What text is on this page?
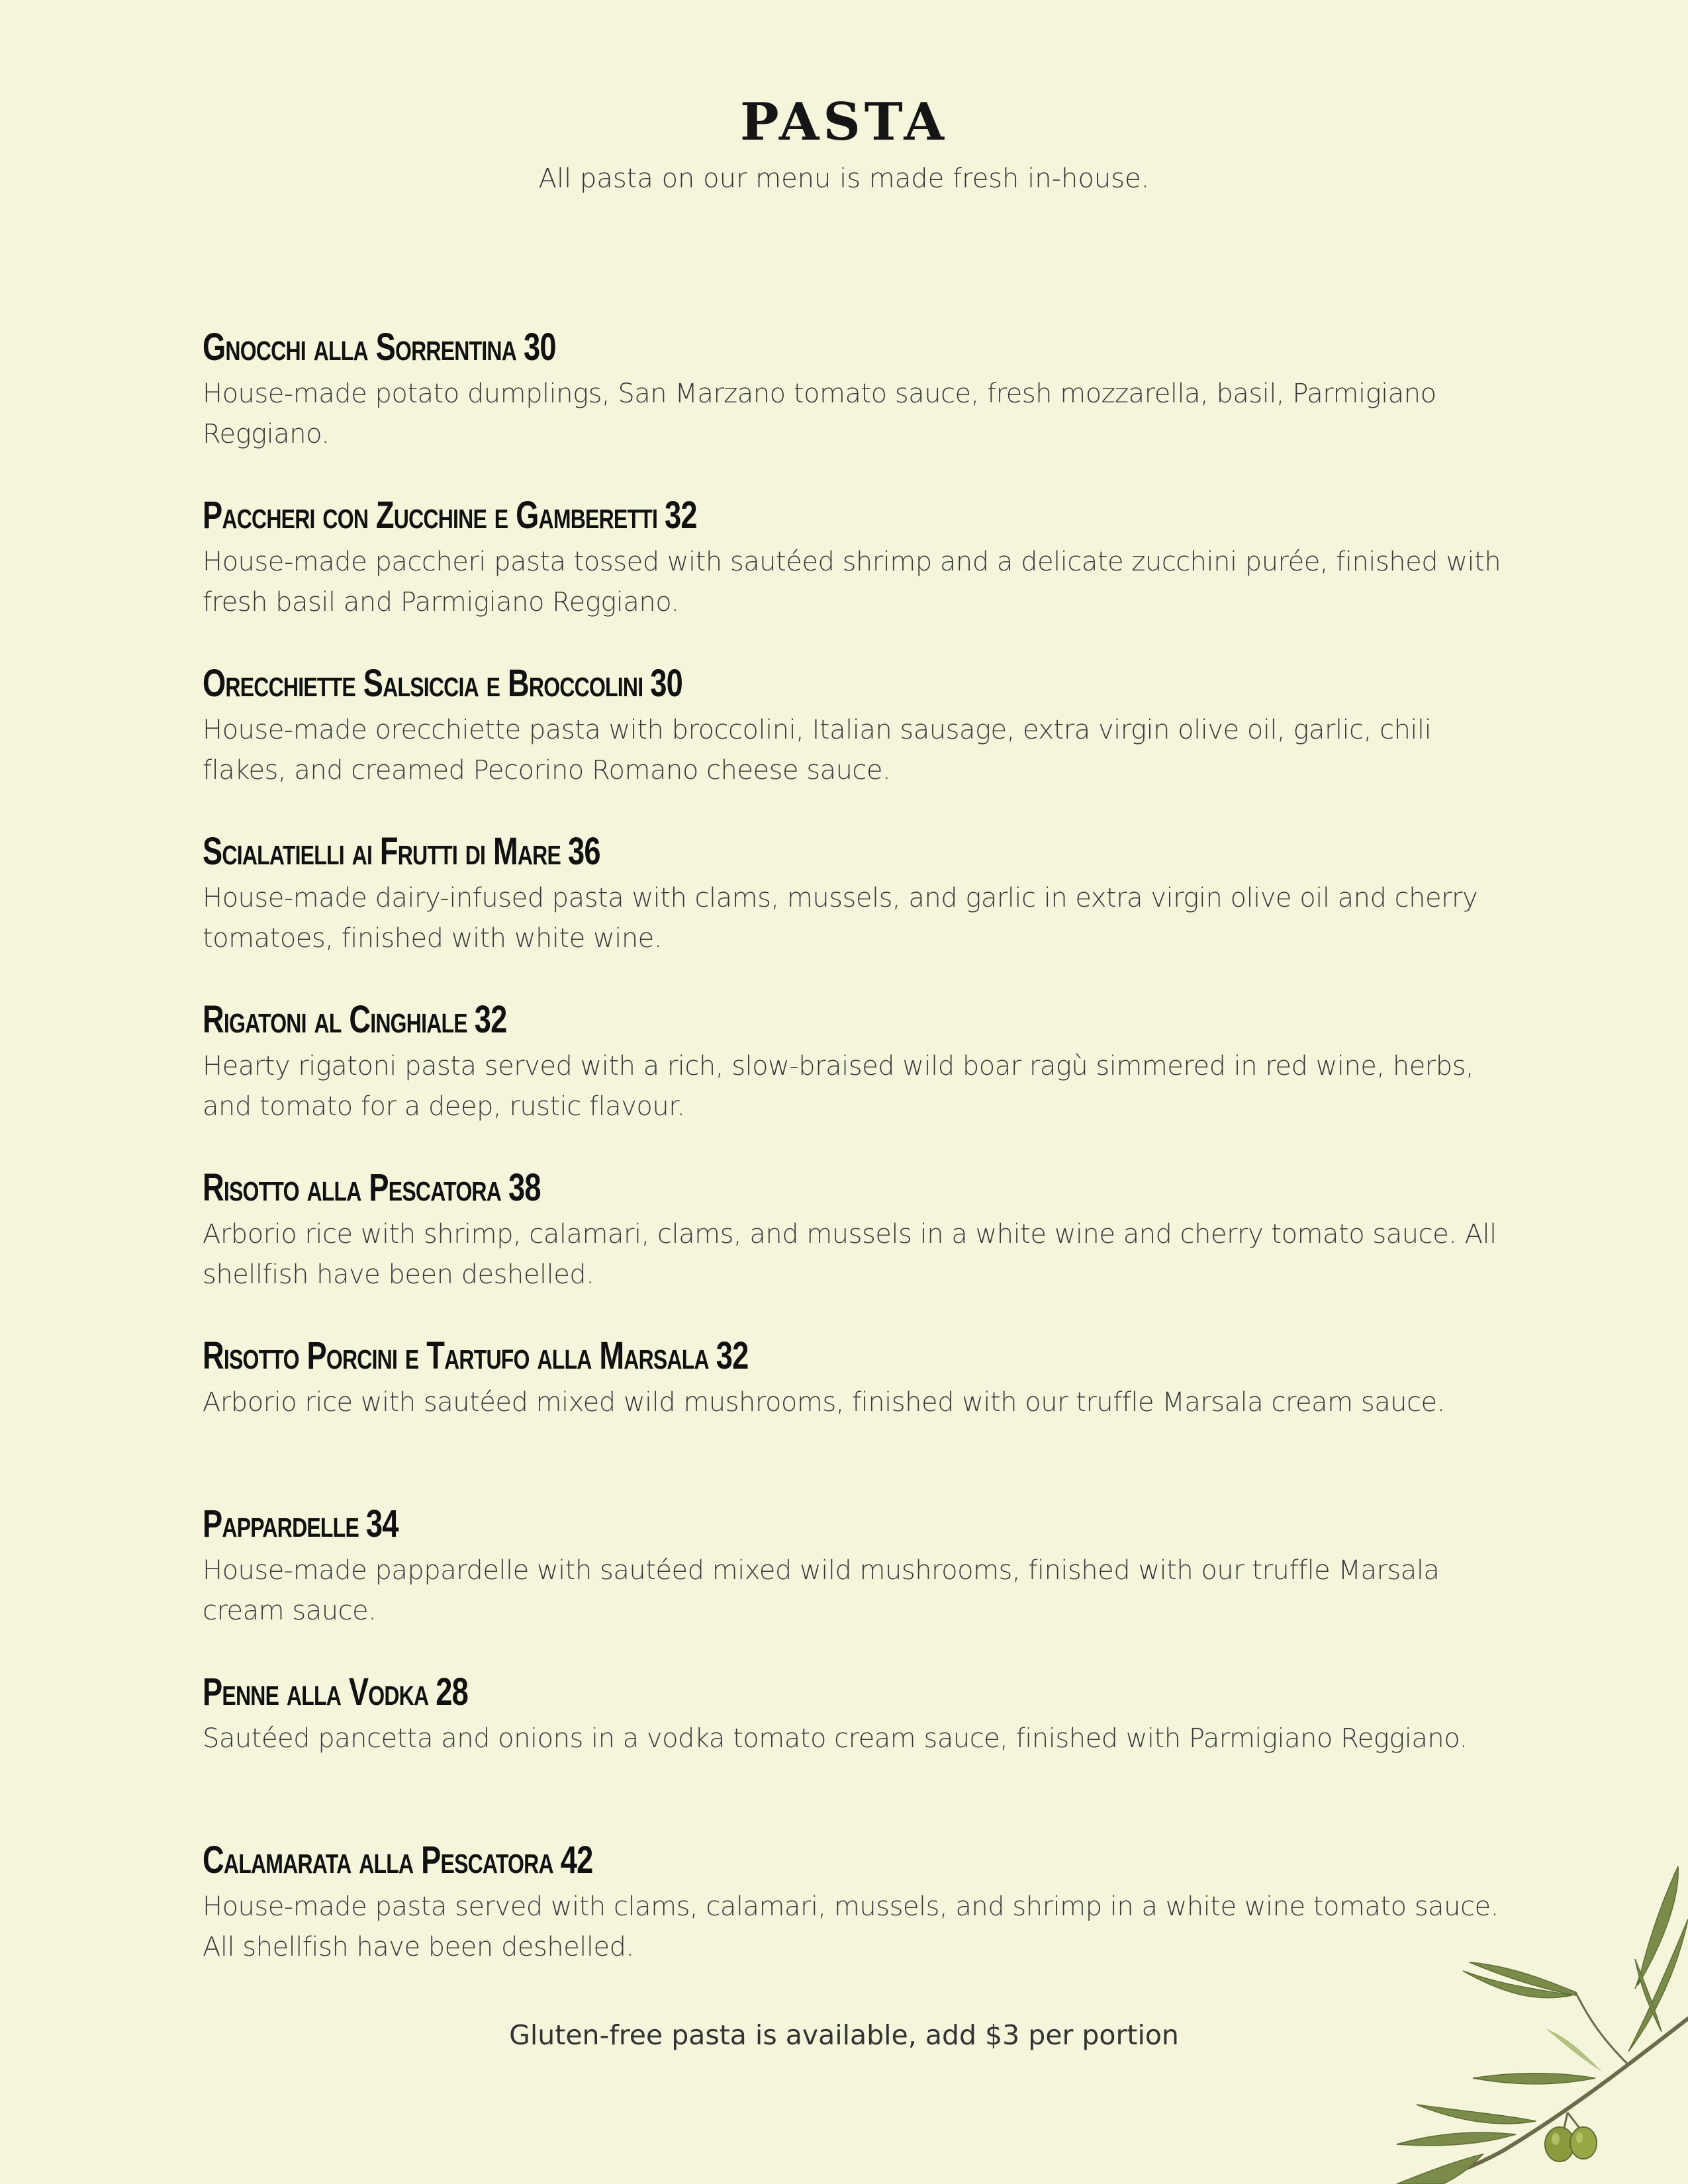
PASTA
All pasta on our menu is made fresh in-house.
Gnocchi alla Sorrentina 30
House-made potato dumplings, San Marzano tomato sauce, fresh mozzarella, basil, Parmigiano Reggiano.
Paccheri con Zucchine e Gamberetti 32
House-made paccheri pasta tossed with sautéed shrimp and a delicate zucchini purée, finished with fresh basil and Parmigiano Reggiano.
Orecchiette Salsiccia e Broccolini 30
House-made orecchiette pasta with broccolini, Italian sausage, extra virgin olive oil, garlic, chili flakes, and creamed Pecorino Romano cheese sauce.
Scialatielli ai Frutti di Mare 36
House-made dairy-infused pasta with clams, mussels, and garlic in extra virgin olive oil and cherry tomatoes, finished with white wine.
Rigatoni al Cinghiale 32
Hearty rigatoni pasta served with a rich, slow-braised wild boar ragù simmered in red wine, herbs, and tomato for a deep, rustic flavour.
Risotto alla Pescatora 38
Arborio rice with shrimp, calamari, clams, and mussels in a white wine and cherry tomato sauce. All shellfish have been deshelled.
Risotto Porcini e Tartufo alla Marsala 32
Arborio rice with sautéed mixed wild mushrooms, finished with our truffle Marsala cream sauce.
Pappardelle 34
House-made pappardelle with sautéed mixed wild mushrooms, finished with our truffle Marsala cream sauce.
Penne alla Vodka 28
Sautéed pancetta and onions in a vodka tomato cream sauce, finished with Parmigiano Reggiano.
Calamarata alla Pescatora 42
House-made pasta served with clams, calamari, mussels, and shrimp in a white wine tomato sauce. All shellfish have been deshelled.
Gluten-free pasta is available, add $3 per portion
